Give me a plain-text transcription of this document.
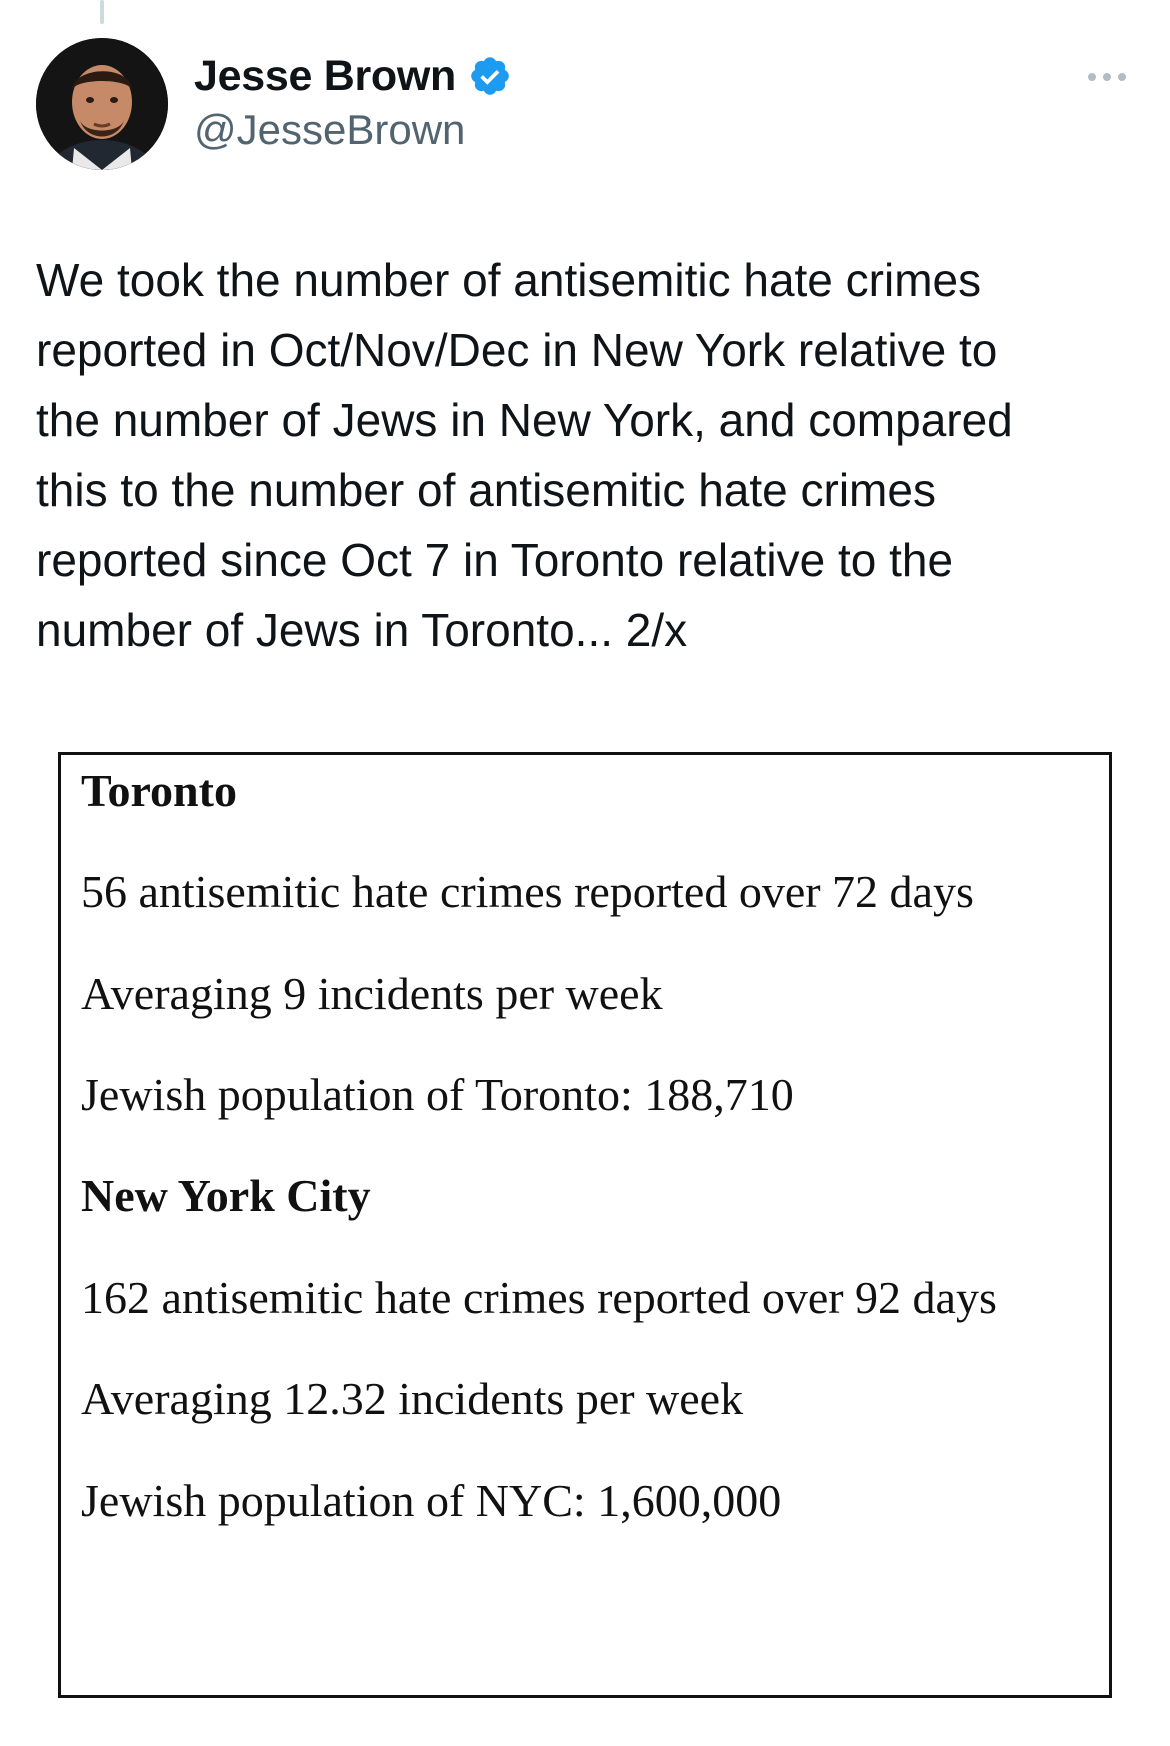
Jesse Brown
@JesseBrown

We took the number of antisemitic hate crimes
reported in Oct/Nov/Dec in New York relative to
the number of Jews in New York, and compared
this to the number of antisemitic hate crimes
reported since Oct 7 in Toronto relative to the
number of Jews in Toronto... 2/x

Toronto
56 antisemitic hate crimes reported over 72 days
Averaging 9 incidents per week
Jewish population of Toronto: 188,710
New York City
162 antisemitic hate crimes reported over 92 days
Averaging 12.32 incidents per week
Jewish population of NYC: 1,600,000
